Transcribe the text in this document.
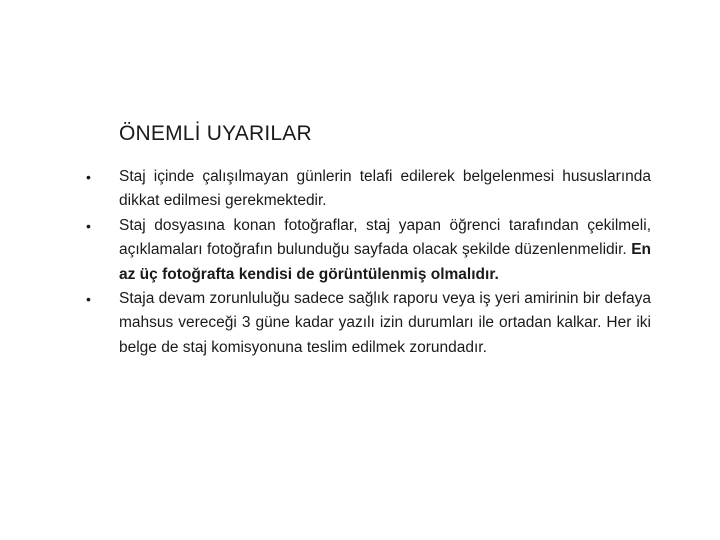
ÖNEMLİ UYARILAR
•	Staj içinde çalışılmayan günlerin telafi edilerek belgelenmesi hususlarında dikkat edilmesi gerekmektedir.
•	Staj dosyasına konan fotoğraflar, staj yapan öğrenci tarafından çekilmeli, açıklamaları fotoğrafın bulunduğu sayfada olacak şekilde düzenlenmelidir. En az üç fotoğrafta kendisi de görüntülenmiş olmalıdır.
•	Staja devam zorunluluğu sadece sağlık raporu veya iş yeri amirinin bir defaya mahsus vereceği 3 güne kadar yazılı izin durumları ile ortadan kalkar. Her iki belge de staj komisyonuna teslim edilmek zorundadır.
